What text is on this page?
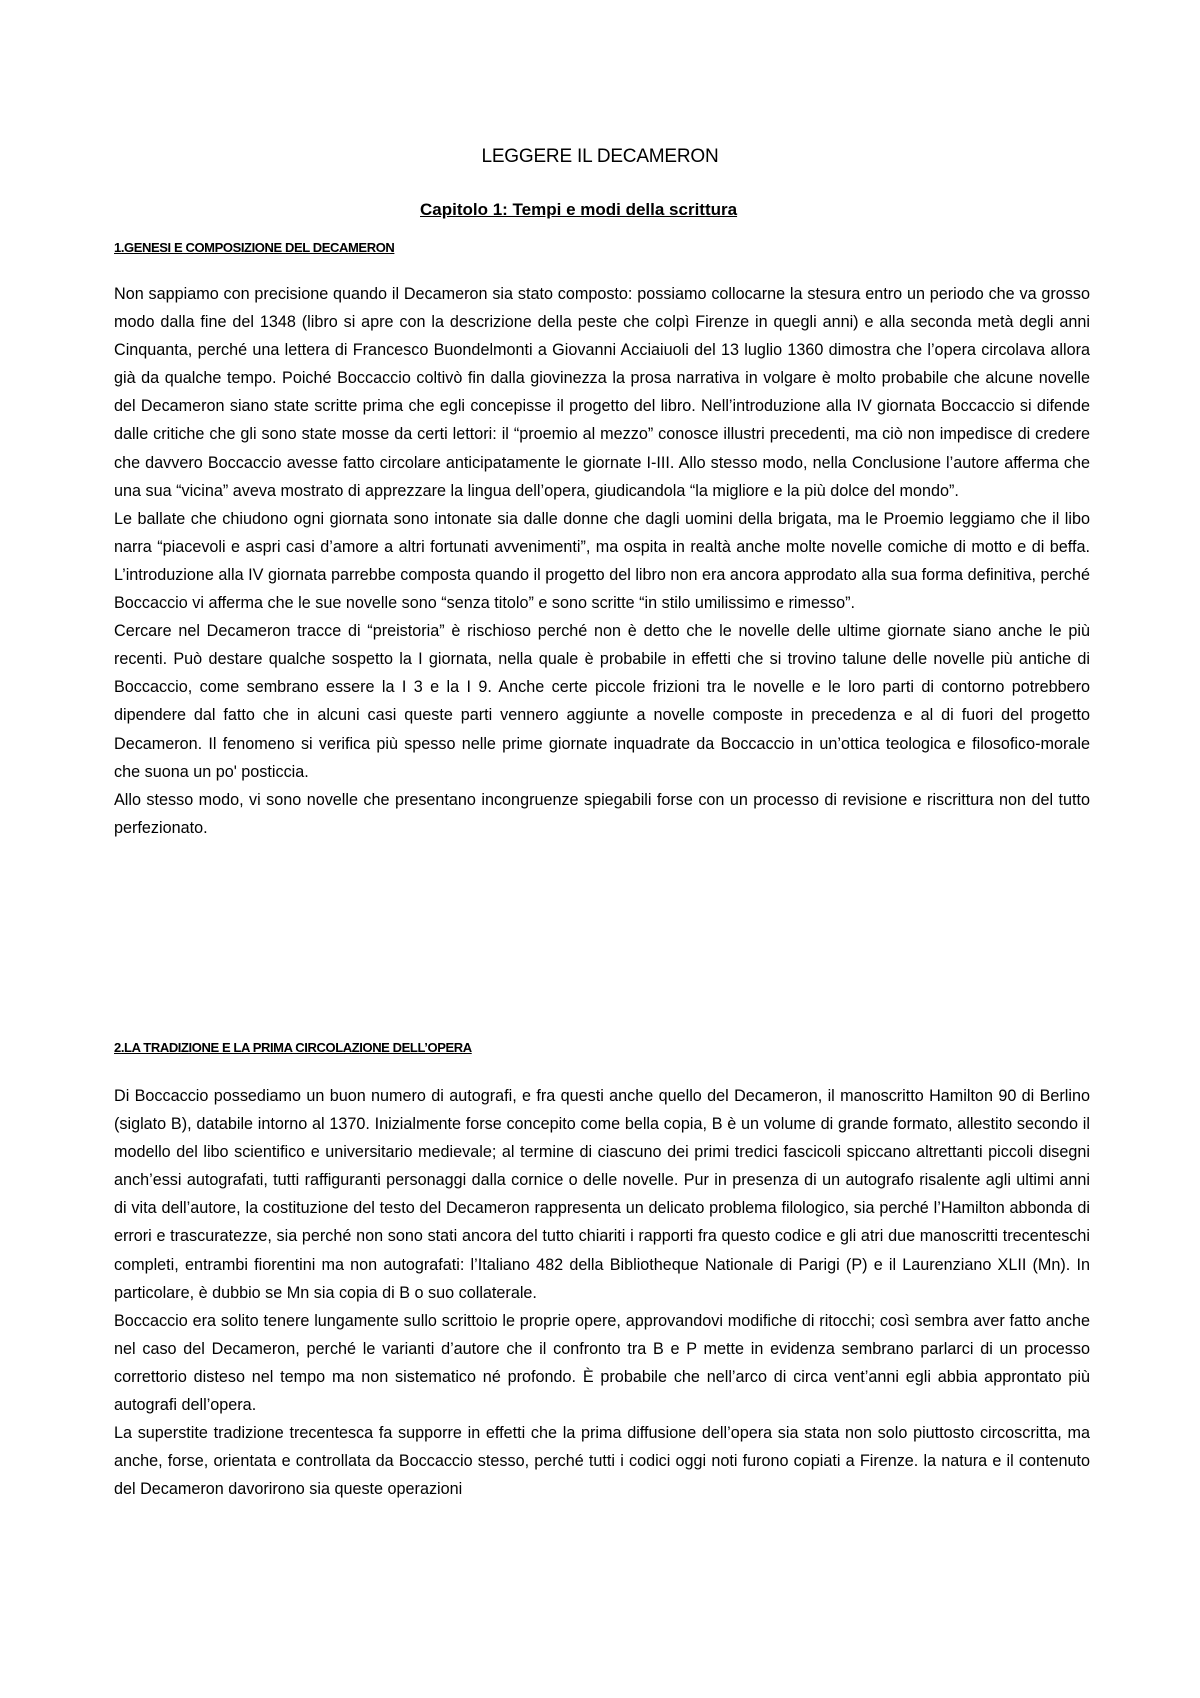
LEGGERE IL DECAMERON
Capitolo 1: Tempi e modi della scrittura
1.GENESI E COMPOSIZIONE DEL DECAMERON

Non sappiamo con precisione quando il Decameron sia stato composto: possiamo collocarne la stesura entro un periodo che va grosso modo dalla fine del 1348 (libro si apre con la descrizione della peste che colpì Firenze in quegli anni) e alla seconda metà degli anni Cinquanta, perché una lettera di Francesco Buondelmonti a Giovanni Acciaiuoli del 13 luglio 1360 dimostra che l’opera circolava allora già da qualche tempo. Poiché Boccaccio coltivò fin dalla giovinezza la prosa narrativa in volgare è molto probabile che alcune novelle del Decameron siano state scritte prima che egli concepisse il progetto del libro. Nell’introduzione alla IV giornata Boccaccio si difende dalle critiche che gli sono state mosse da certi lettori: il “proemio al mezzo” conosce illustri precedenti, ma ciò non impedisce di credere che davvero Boccaccio avesse fatto circolare anticipatamente le giornate I-III. Allo stesso modo, nella Conclusione l’autore afferma che una sua “vicina” aveva mostrato di apprezzare la lingua dell’opera, giudicandola “la migliore e la più dolce del mondo”.

Le ballate che chiudono ogni giornata sono intonate sia dalle donne che dagli uomini della brigata, ma le Proemio leggiamo che il libo narra “piacevoli e aspri casi d’amore a altri fortunati avvenimenti”, ma ospita in realtà anche molte novelle comiche di motto e di beffa. L’introduzione alla IV giornata parrebbe composta quando il progetto del libro non era ancora approdato alla sua forma definitiva, perché Boccaccio vi afferma che le sue novelle sono “senza titolo” e sono scritte “in stilo umilissimo e rimesso”.

Cercare nel Decameron tracce di “preistoria” è rischioso perché non è detto che le novelle delle ultime giornate siano anche le più recenti. Può destare qualche sospetto la I giornata, nella quale è probabile in effetti che si trovino talune delle novelle più antiche di Boccaccio, come sembrano essere la I 3 e la I 9. Anche certe piccole frizioni tra le novelle e le loro parti di contorno potrebbero dipendere dal fatto che in alcuni casi queste parti vennero aggiunte a novelle composte in precedenza e al di fuori del progetto Decameron. Il fenomeno si verifica più spesso nelle prime giornate inquadrate da Boccaccio in un’ottica teologica e filosofico-morale che suona un po' posticcia.

Allo stesso modo, vi sono novelle che presentano incongruenze spiegabili forse con un processo di revisione e riscrittura non del tutto perfezionato.

2.LA TRADIZIONE E LA PRIMA CIRCOLAZIONE DELL’OPERA

Di Boccaccio possediamo un buon numero di autografi, e fra questi anche quello del Decameron, il manoscritto Hamilton 90 di Berlino (siglato B), databile intorno al 1370. Inizialmente forse concepito come bella copia, B è un volume di grande formato, allestito secondo il modello del libo scientifico e universitario medievale; al termine di ciascuno dei primi tredici fascicoli spiccano altrettanti piccoli disegni anch’essi autografati, tutti raffiguranti personaggi dalla cornice o delle novelle. Pur in presenza di un autografo risalente agli ultimi anni di vita dell’autore, la costituzione del testo del Decameron rappresenta un delicato problema filologico, sia perché l’Hamilton abbonda di errori e trascuratezze, sia perché non sono stati ancora del tutto chiariti i rapporti fra questo codice e gli atri due manoscritti trecenteschi completi, entrambi fiorentini ma non autografati: l’Italiano 482 della Bibliotheque Nationale di Parigi (P) e il Laurenziano XLII (Mn). In particolare, è dubbio se Mn sia copia di B o suo collaterale.

Boccaccio era solito tenere lungamente sullo scrittoio le proprie opere, approvandovi modifiche di ritocchi; così sembra aver fatto anche nel caso del Decameron, perché le varianti d’autore che il confronto tra B e P mette in evidenza sembrano parlarci di un processo correttorio disteso nel tempo ma non sistematico né profondo. È probabile che nell’arco di circa vent’anni egli abbia approntato più autografi dell’opera.

La superstite tradizione trecentesca fa supporre in effetti che la prima diffusione dell’opera sia stata non solo piuttosto circoscritta, ma anche, forse, orientata e controllata da Boccaccio stesso, perché tutti i codici oggi noti furono copiati a Firenze. la natura e il contenuto del Decameron davorirono sia queste operazioni
